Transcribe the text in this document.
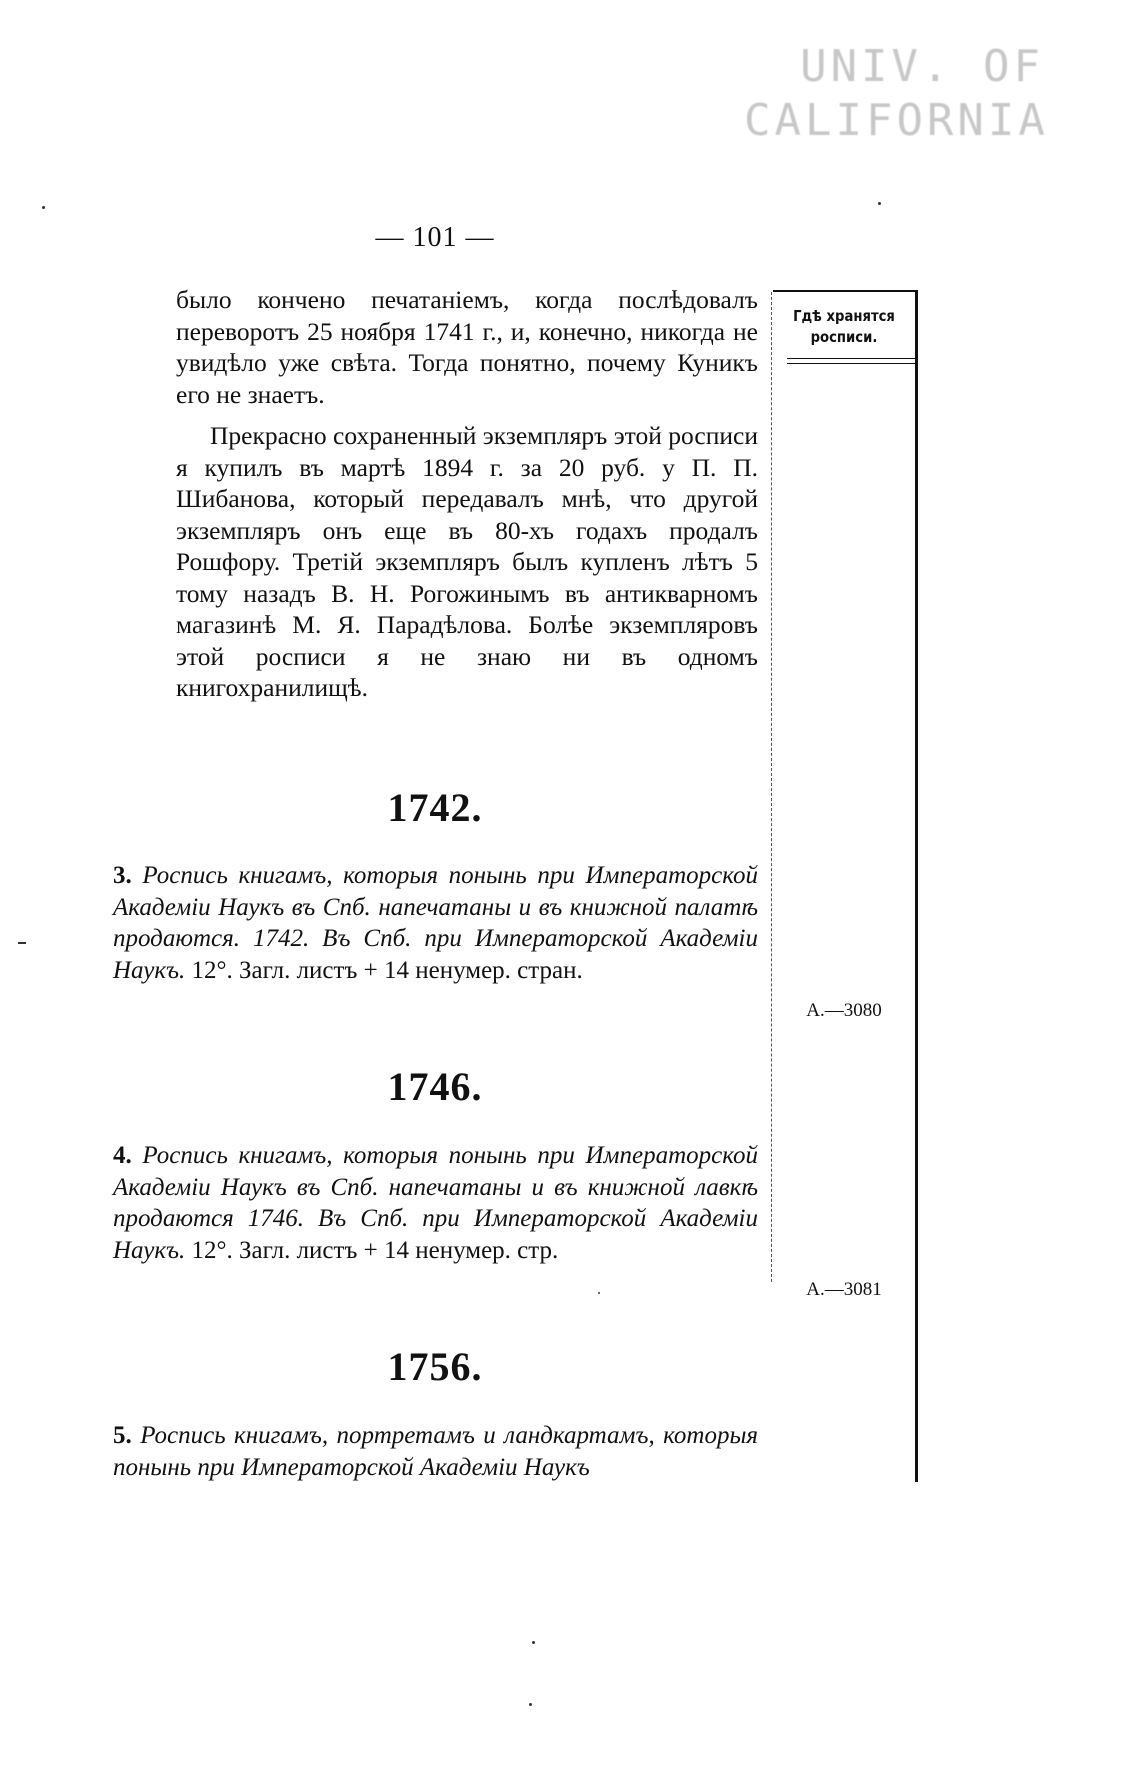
UNIV. OF
CALIFORNIA
— 101 —
Гдѣ хранятся росписи.
А.—3080
А.—3081

было кончено печатаніемъ, когда послѣдовалъ переворотъ 25 ноября 1741 г., и, конечно, никогда не увидѣло уже свѣта. Тогда понятно, почему Куникъ его не знаетъ.

Прекрасно сохраненный экземпляръ этой росписи я купилъ въ мартѣ 1894 г. за 20 руб. у П. П. Шибанова, который передавалъ мнѣ, что другой экземпляръ онъ еще въ 80-хъ годахъ продалъ Рошфору. Третій экземпляръ былъ купленъ лѣтъ 5 тому назадъ В. Н. Рогожинымъ въ антикварномъ магазинѣ М. Я. Парадѣлова. Болѣе экземпляровъ этой росписи я не знаю ни въ одномъ книгохранилищѣ.

1742.
3. Роспись книгамъ, которыя понынь при Императорской Академіи Наукъ въ Спб. напечатаны и въ книжной палатѣ продаются. 1742. Въ Спб. при Императорской Академіи Наукъ. 12°. Загл. листъ + 14 ненумер. стран.
1746.
4. Роспись книгамъ, которыя понынь при Императорской Академіи Наукъ въ Спб. напечатаны и въ книжной лавкѣ продаются 1746. Въ Спб. при Императорской Академіи Наукъ. 12°. Загл. листъ + 14 ненумер. стр.
1756.
5. Роспись книгамъ, портретамъ и ландкартамъ, которыя понынь при Императорской Академіи Наукъ
